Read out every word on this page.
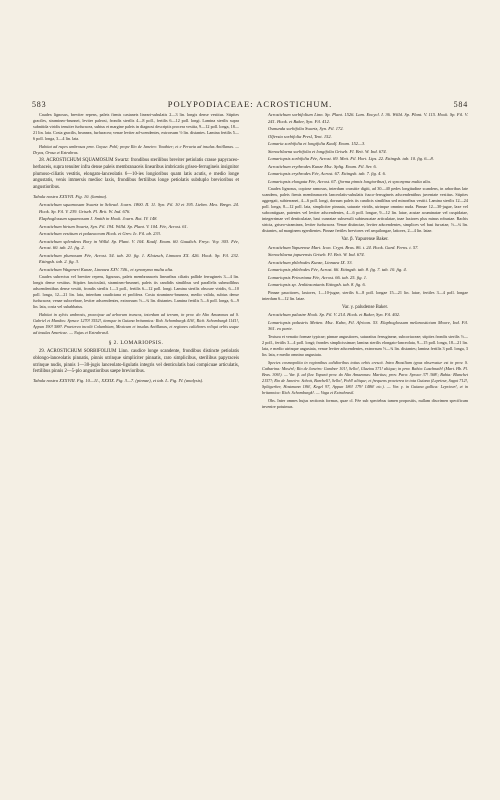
583	POLYPODIACEAE: ACROSTICHUM.	584

Caudex lignosus, breviter repens, paleis firmis castaneis lineari-subulatis 2—3 lin. longis dense vestitus. Stipites graciles, stramineo-brunnei, leviter paleosi, frondis sterilis 4—8 poll., fertilis 6—12 poll. longi. Lamina sterilis supra subnitida viridis tenuiter furfuracea, subtus et margine paleis in diagnosi descriptis procera vestita, 9—12 poll. longa, 18—21 lin. lata. Costa gracilis, brunnea, furfuracea; venae leviter ad-scendentes, extrorsum ½ lin. distantes. Lamina fertilis 5—6 poll. longa, 3—4 lin. lata.

Habitat ad rupes umbrosas prov. Goyaz: Pohl; prope Rio de Janeiro: Vauthier; et e Peruvia ad insulas Antillanas. — Dryas, Orosa et Extrabras.

28. ACROSTICHUM SQUAMOSUM Swartz: frondibus sterilibus breviter petiolatis crasse papyraceo-herbaceis, supra tenuiter infra dense paleis membranaceis linearibus imbricatis griseo-ferrugineis insignitor plumoso-ciliatis vestitis, elongato-lanceolatis 6—10-ies longioribus quam latis acutis, e medio longe angustatis, venis immersis medioc laxis, frondibus fertilibus longe petiolatis subduplo brevioribus et angustioribus.

Tabula nostra XXXVII. Fig. 10. (lamina).

Acrostichum squamosum Swartz in Schrad. Journ. 1800. II. 11. Syn. Fil. 10 et 195. Liebm. Mex. Bregn. 24. Hook. Sp. Fil. V. 239. Griseb. Fl. Brit. W. Ind. 676.

Elaphoglossum squamosum J. Smith in Hook. Journ. Bot. IV. 148.

Acrostichum hirtum Swartz, Syn. Fil. 194. Willd. Sp. Plant. V. 104. Fée, Acrost. 61.

Acrostichum vestitum et palaeaceum Hook. et Grev. Ic. Fil. ab. 233.

Acrostichum splendens Bory in Willd. Sp. Plant. V. 104. Kaulf. Enum. 60. Gaudich. Freyc. Voy. 303. Fée, Acrost. 60. tab. 21. fig. 2.

Acrostichum plumosum Fée, Acrost. 54. tab. 20. fig. 1. Klotzsch, Linnaea XX. 426. Hook. Sp. Fil. 232. Ettingsh. tab. 2. fig. 3.

Acrostichum Wageneri Kunze, Linnaea XXV. 746., et synonyma multa alia.

Caudex subrectus vel breviter repens, lignosus, paleis membranaceis linearibus ciliatis pallide ferrugineis 3—4 lin. longis dense vestitus. Stipites fasciculati, stramineo-brunnei, paleis iis candidis similibus sed parallelis submollibus adscendentibus dense vestiti, frondis sterilis 1—3 poll., fertilis 6—12 poll. longi. Lamina sterilis obscure viridis, 6—10 poll. longa, 12—21 lin. lata, interdum caudiciana et prolifera. Costa stramineo-brunnea, medio valida, subtus dense furfuracea; venae subcrebrae, leviter adscendentes, extrorsum ½—¾ lin. distantes. Lamina fertilis 5—6 poll. longa, 6—9 lin. lata, costa vel subabbatus.

Habitat in sylvis umbrosis, praecipue ad arborum truncos, interdum ad terram, in prov. do Alto Amazonas ad S. Gabriel et Manãos: Spruce 1270! 3552!, itemque in Guiana britannica: Rob. Schomburgk 416!, Rich. Schomburgk 1141!, Appun 190! 588!. Praeterea incolit Columbiam, Mexicum et insulas Antillanas, et regiones calidiores reliqui orbis usque ad insulas Americae. — Nujas et Extrabrasil.

§ 2. LOMARIOPSIS.

29. ACROSTICHUM SORBIFOLIUM Linn. caudice longe scandente, frondibus distincte petiolatis oblongo-lanceolatis pinnatis, pinnis utrinque simpliciter pinnatis, raro simplicibus, sterilibus papyraceis utrinque nudis, pinnis 1—30-jugis lanceolato-ligulatis integris vel denticulatis basi compicuae articulatis, fertilibus pinnis 2—5-plo angustioribus saepe brevioribus.

Tabula nostra XXXVIII. Fig. 10—11., XXXIX. Fig. 3—7. (pinnae), et tab. L. Fig. IV. (analysis).

Acrostichum sorbifolium Linn. Sp. Plant. 1526. Lam. Encycl. I. 36. Willd. Sp. Plant. V. 115. Hook. Sp. Fil. V. 241. Hook. et Baker, Syn. Fil. 412.

Osmunda sorbifolia Swartz, Syn. Fil. 172.

Olfersia sorbifolia Presl, Tent. 152.

Lomaria sorbifolia et longifolia Kaulf. Enum. 152—3.

Stenochlaena sorbifolia et longifolia Griseb. Fl. Brit. W. Ind. 674.

Lomariopsis sorbifolia Fée, Acrost. 69. Mett. Fil. Hort. Lips. 22. Ettingsh. tab. 10. fig. 6—8.

Acrostichum erythrodes Kunze Msc. Spltg. Enum. Fil. Ser. 6.

Lomariopsis erythrodes Fée, Acrost. 67. Ettingsh. tab. 7. fig. 4. 6.

Lomariopsis elongata Fée, Acrost. 67. (forma pinnis longioribus), et synonyma multa alia.

Caudex lignosus, copiose ramosus, interdum crassitie digiti, ad 30—40 pedes longitudine scandens, in arboribus late scandens, paleis firmis membranaceis lanceolatis-subulatis fusco-ferrugineis adscendentibus juventate vestitus. Stipites aggregati, subterranei, 4—6 poll. longi, dorsum paleis iis candicis similibus sed minoribus vestiti. Lamina sterilis 12—24 poll. longa, 8—12 poll. lata, simpliciter pinnata, saturate viridis, utrinque omnino nuda. Pinnae 12—30-jugae, laxe vel subcontiguae, patentes vel leviter adscendentes, 4—6 poll. longae, 9—12 lin. latae, acutae acuminatae vel cuspidatae, integerrimae vel denticulatae, basi cuneatae subsessili subtruncatae articulatae, inae laxiores plus minus robustae. Rachis stricta, griseo-straminea, leviter furfuracea. Venae distinctae, leviter adscendentes, simplices vel basi furcatae, ½—¾ lin. distantes, ad marginem egredientes. Pinnae fertiles breviores vel aequilongae, latiores, 2—4 lin. latae.

Var. β. Yapurense Baker.

Acrostichum Yapurense Mart. Icon. Crypt. Bras. 86. t. 24. Hook. Gard. Ferns. t. 57.

Stenochlaena japurensis Griseb. Fl. Brit. W. Ind. 674.

Acrostichum phlebodes Kunze, Linnaea IX. 33.

Lomariopsis phlebodes Fée, Acrost. 66. Ettingsh. tab. 8. fig. 7. tab. 10. fig. 4.

Lomariopsis Prieuriana Fée, Acrost. 66. tab. 25. fig. 1.

Lomariopsis sp. Jenkinsonianis Ettingsh. tab. 8. fig. 6.

Pinnae paucitores, laxiores, 1—10-jugae, sterilis 6—8 poll. longae 15—21 lin. latae, fertiles 3—4 poll. longae interdum 6—12 lin. latae.

Var. γ. paludense Baker.

Acrostichum palustre Hook. Sp. Fil. V. 214. Hook. et Baker, Syn. Fil. 402.

Lomariopsis palustris Metten. Msc. Kuhn, Fil. African. 53. Elaphoglossum melanostictum Moore, Ind. Fil. 361. ex parte.

Textura et venatio formae typicae; pinnae angustiores, saturatius ferrugineae, subcoriaceae; stipites frondis sterilis ½—2 poll., fertilis 3—4 poll. longi; frondes simplicissimae; lamina sterilis elongato-lanceolata, 9—15 poll. longa, 18—21 lin. lata, e medio utrinque angustata, venae leviter adscendentes, extrorsum ½—¾ lin. distantes; lamina fertilis 3 poll. longa, 3 lin. lata, e medio omnino angustata.

Species cosmopolita in regionibus calidioribus totius orbis crescit. Intra Brasiliam typus observatur est in prov. S. Catharina: Mosén!; Rio de Janeiro: Gardner 101!, Sello!, Glaziou 371! aliique; in prov. Bahia: Luschnath! (Mart. Hb. Fl. Bras. 306!). — Var. β. ad fluv. Yapurá prov. do Alto Amazonas: Martius; prov. Para: Spruce 37! 368!; Bahia: Blanchet 2157!; Rio de Janeiro: Schott, Burchell!, Sello!, Pohl! aliique; et frequens praeterea in tota Guiana (Leprieur, Sagot 712!, Splitgerber, Hostmann 186!, Kegel 97, Appun 186! 179! 1486! etc.). — Var. γ. in Guiana gallica: Leprieur!, et in britannica: Rich. Schomburgk!. — Vaga et Extrabrasil.

Obs. Inter omnes hujus sectionis formas, quae cl. Fée sub speciebus tamen propositis, nullam discrimen specificum invenire potuimus.
